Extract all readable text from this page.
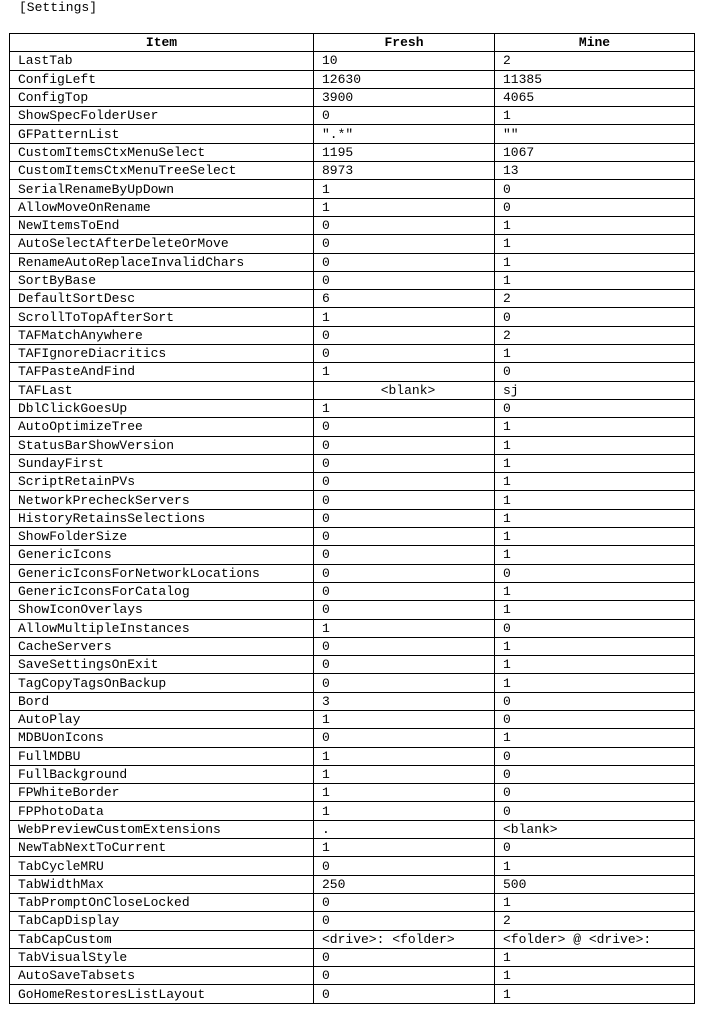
[Settings]
Item	Fresh	Mine
LastTab	10	2
ConfigLeft	12630	11385
ConfigTop	3900	4065
ShowSpecFolderUser	0	1
GFPatternList	".*"	""
CustomItemsCtxMenuSelect	1195	1067
CustomItemsCtxMenuTreeSelect	8973	13
SerialRenameByUpDown	1	0
AllowMoveOnRename	1	0
NewItemsToEnd	0	1
AutoSelectAfterDeleteOrMove	0	1
RenameAutoReplaceInvalidChars	0	1
SortByBase	0	1
DefaultSortDesc	6	2
ScrollToTopAfterSort	1	0
TAFMatchAnywhere	0	2
TAFIgnoreDiacritics	0	1
TAFPasteAndFind	1	0
TAFLast	<blank>	sj
DblClickGoesUp	1	0
AutoOptimizeTree	0	1
StatusBarShowVersion	0	1
SundayFirst	0	1
ScriptRetainPVs	0	1
NetworkPrecheckServers	0	1
HistoryRetainsSelections	0	1
ShowFolderSize	0	1
GenericIcons	0	1
GenericIconsForNetworkLocations	0	0
GenericIconsForCatalog	0	1
ShowIconOverlays	0	1
AllowMultipleInstances	1	0
CacheServers	0	1
SaveSettingsOnExit	0	1
TagCopyTagsOnBackup	0	1
Bord	3	0
AutoPlay	1	0
MDBUonIcons	0	1
FullMDBU	1	0
FullBackground	1	0
FPWhiteBorder	1	0
FPPhotoData	1	0
WebPreviewCustomExtensions	.	<blank>
NewTabNextToCurrent	1	0
TabCycleMRU	0	1
TabWidthMax	250	500
TabPromptOnCloseLocked	0	1
TabCapDisplay	0	2
TabCapCustom	<drive>: <folder>	<folder> @ <drive>:
TabVisualStyle	0	1
AutoSaveTabsets	0	1
GoHomeRestoresListLayout	0	1
